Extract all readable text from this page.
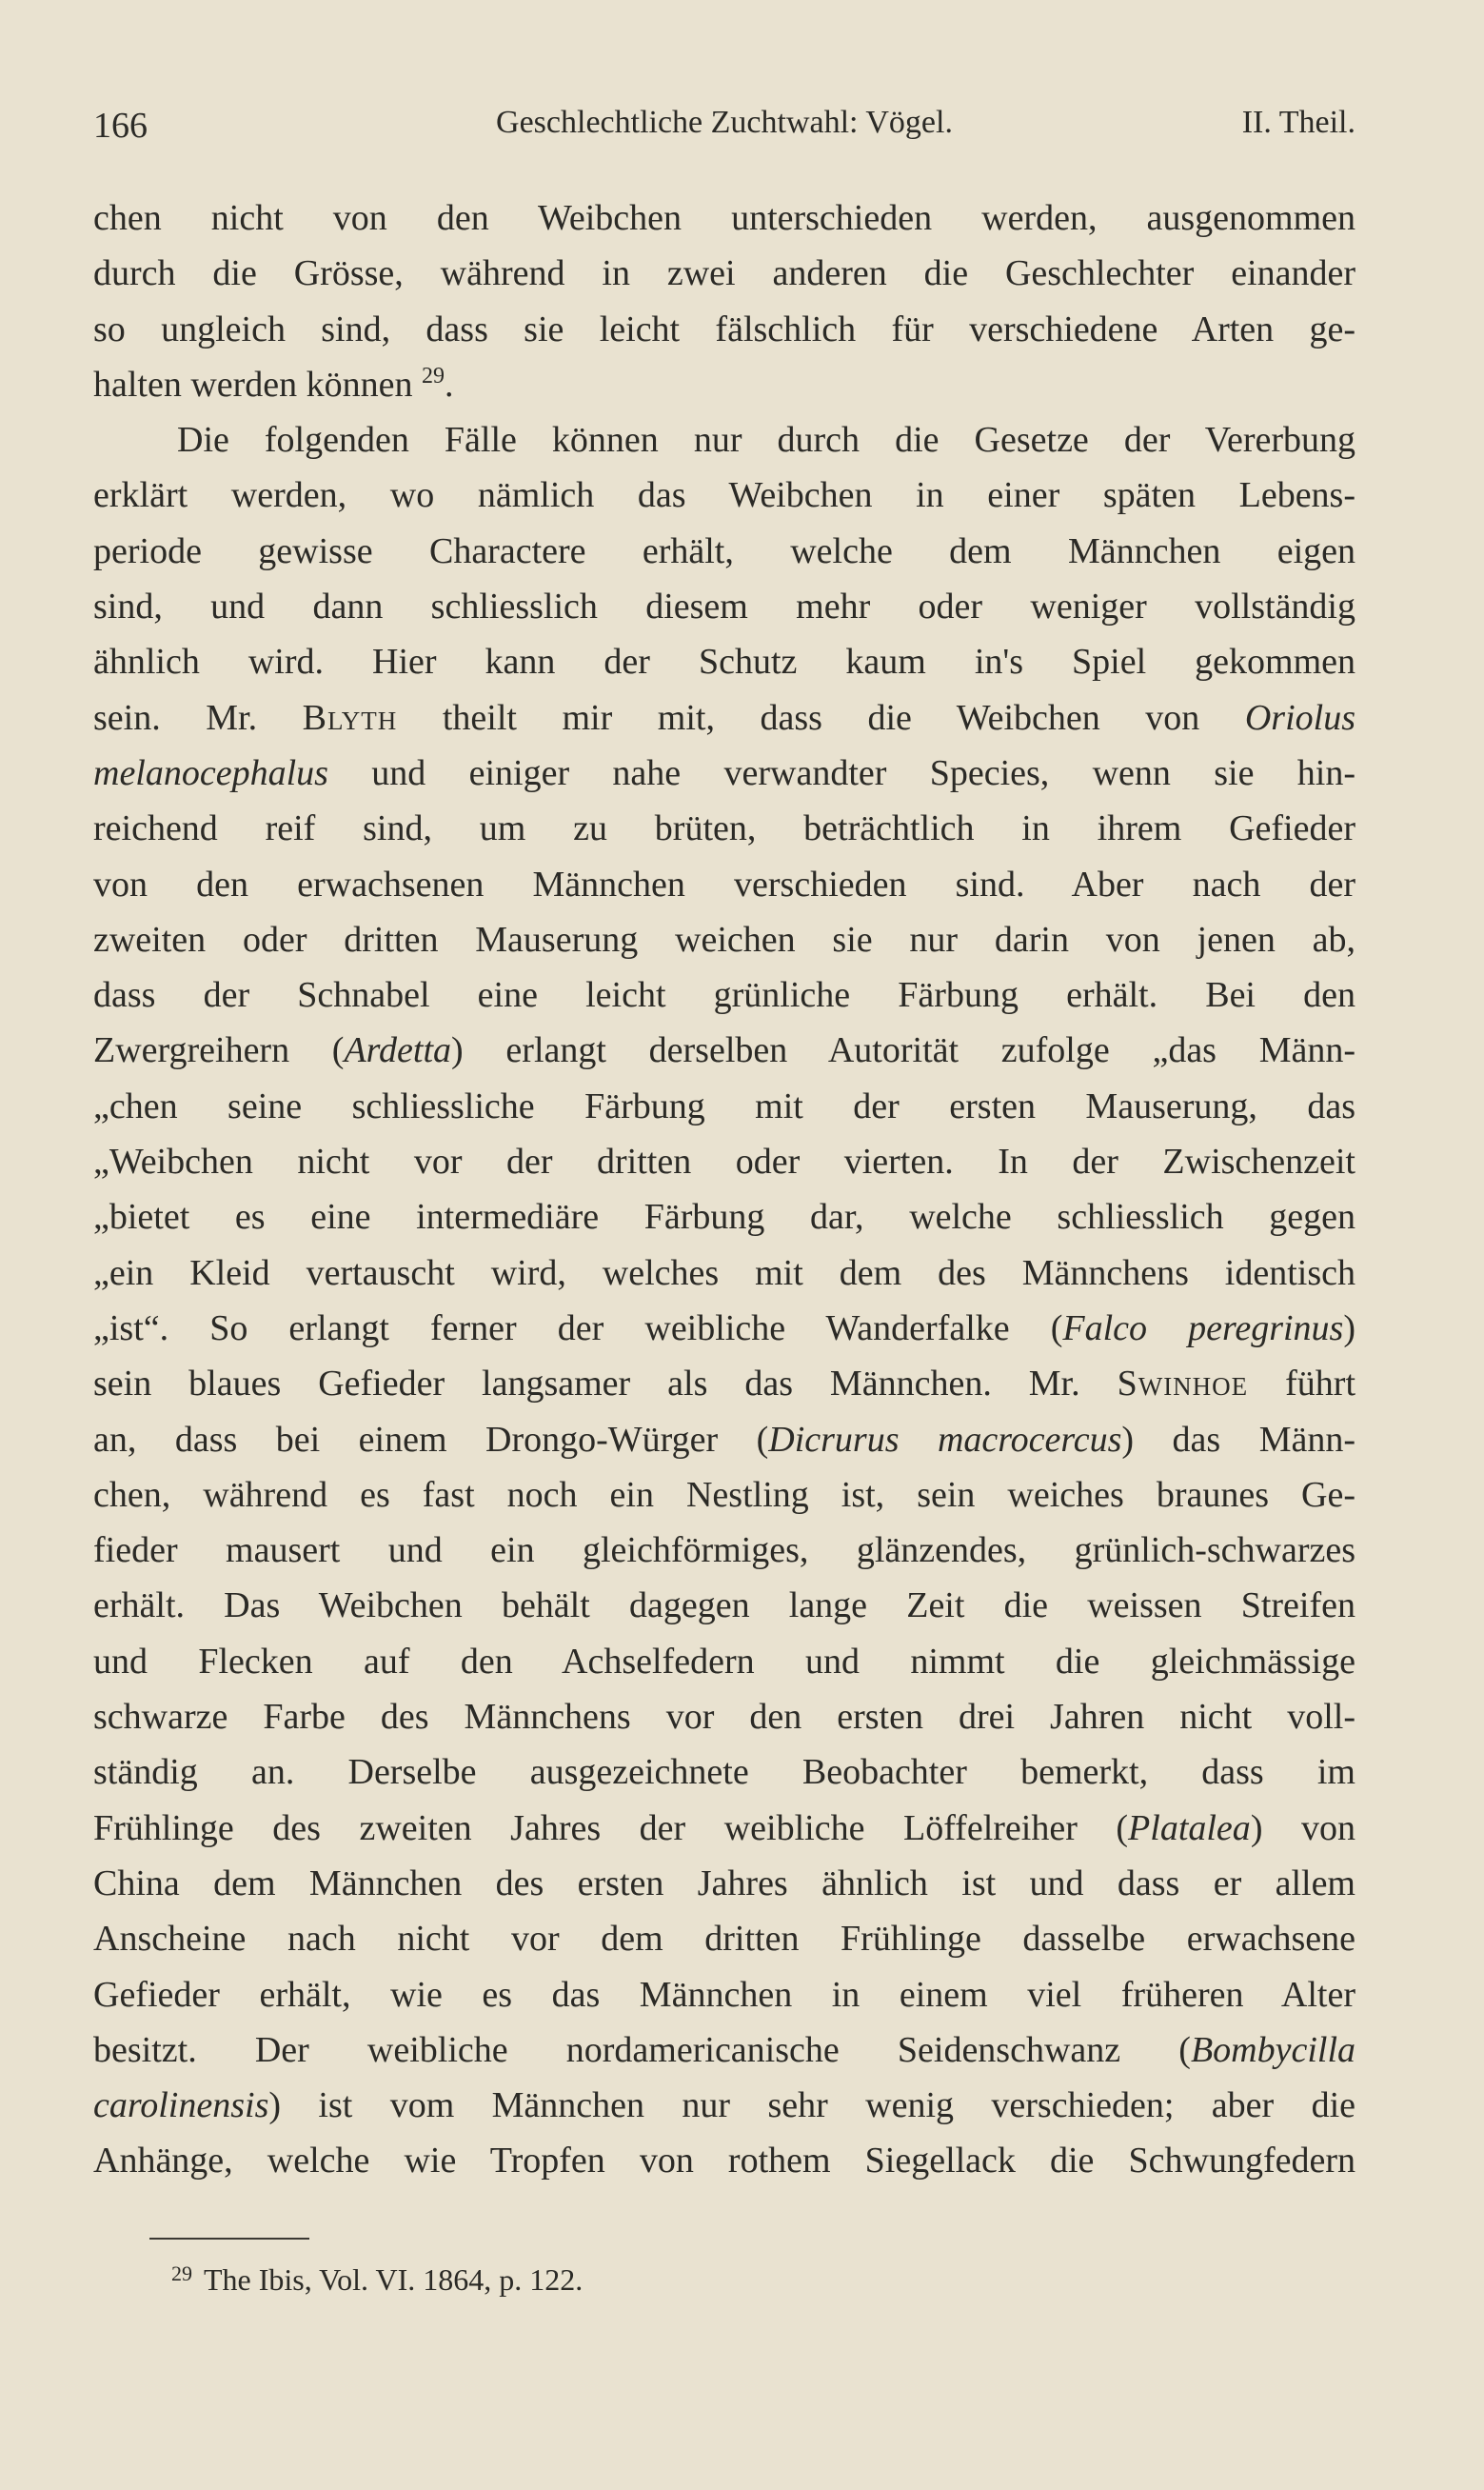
166	Geschlechtliche Zuchtwahl: Vögel.	II. Theil.
chen nicht von den Weibchen unterschieden werden, ausgenommen
durch die Grösse, während in zwei anderen die Geschlechter einander
so ungleich sind, dass sie leicht fälschlich für verschiedene Arten ge-
halten werden können $^{29}$.
Die folgenden Fälle können nur durch die Gesetze der Vererbung
erklärt werden, wo nämlich das Weibchen in einer späten Lebens-
periode gewisse Charactere erhält, welche dem Männchen eigen
sind, und dann schliesslich diesem mehr oder weniger vollständig
ähnlich wird. Hier kann der Schutz kaum in's Spiel gekommen
sein. Mr. Blyth theilt mir mit, dass die Weibchen von Oriolus
melanocephalus und einiger nahe verwandter Species, wenn sie hin-
reichend reif sind, um zu brüten, beträchtlich in ihrem Gefieder
von den erwachsenen Männchen verschieden sind. Aber nach der
zweiten oder dritten Mauserung weichen sie nur darin von jenen ab,
dass der Schnabel eine leicht grünliche Färbung erhält. Bei den
Zwergreihern (Ardetta) erlangt derselben Autorität zufolge „das Männ-
„chen seine schliessliche Färbung mit der ersten Mauserung, das
„Weibchen nicht vor der dritten oder vierten. In der Zwischenzeit
„bietet es eine intermediäre Färbung dar, welche schliesslich gegen
„ein Kleid vertauscht wird, welches mit dem des Männchens identisch
„ist“. So erlangt ferner der weibliche Wanderfalke (Falco peregrinus)
sein blaues Gefieder langsamer als das Männchen. Mr. Swinhoe führt
an, dass bei einem Drongo-Würger (Dicrurus macrocercus) das Männ-
chen, während es fast noch ein Nestling ist, sein weiches braunes Ge-
fieder mausert und ein gleichförmiges, glänzendes, grünlich-schwarzes
erhält. Das Weibchen behält dagegen lange Zeit die weissen Streifen
und Flecken auf den Achselfedern und nimmt die gleichmässige
schwarze Farbe des Männchens vor den ersten drei Jahren nicht voll-
ständig an. Derselbe ausgezeichnete Beobachter bemerkt, dass im
Frühlinge des zweiten Jahres der weibliche Löffelreiher (Platalea) von
China dem Männchen des ersten Jahres ähnlich ist und dass er allem
Anscheine nach nicht vor dem dritten Frühlinge dasselbe erwachsene
Gefieder erhält, wie es das Männchen in einem viel früheren Alter
besitzt. Der weibliche nordamericanische Seidenschwanz (Bombycilla
carolinensis) ist vom Männchen nur sehr wenig verschieden; aber die
Anhänge, welche wie Tropfen von rothem Siegellack die Schwungfedern
$^{29}$ The Ibis, Vol. VI. 1864, p. 122.
